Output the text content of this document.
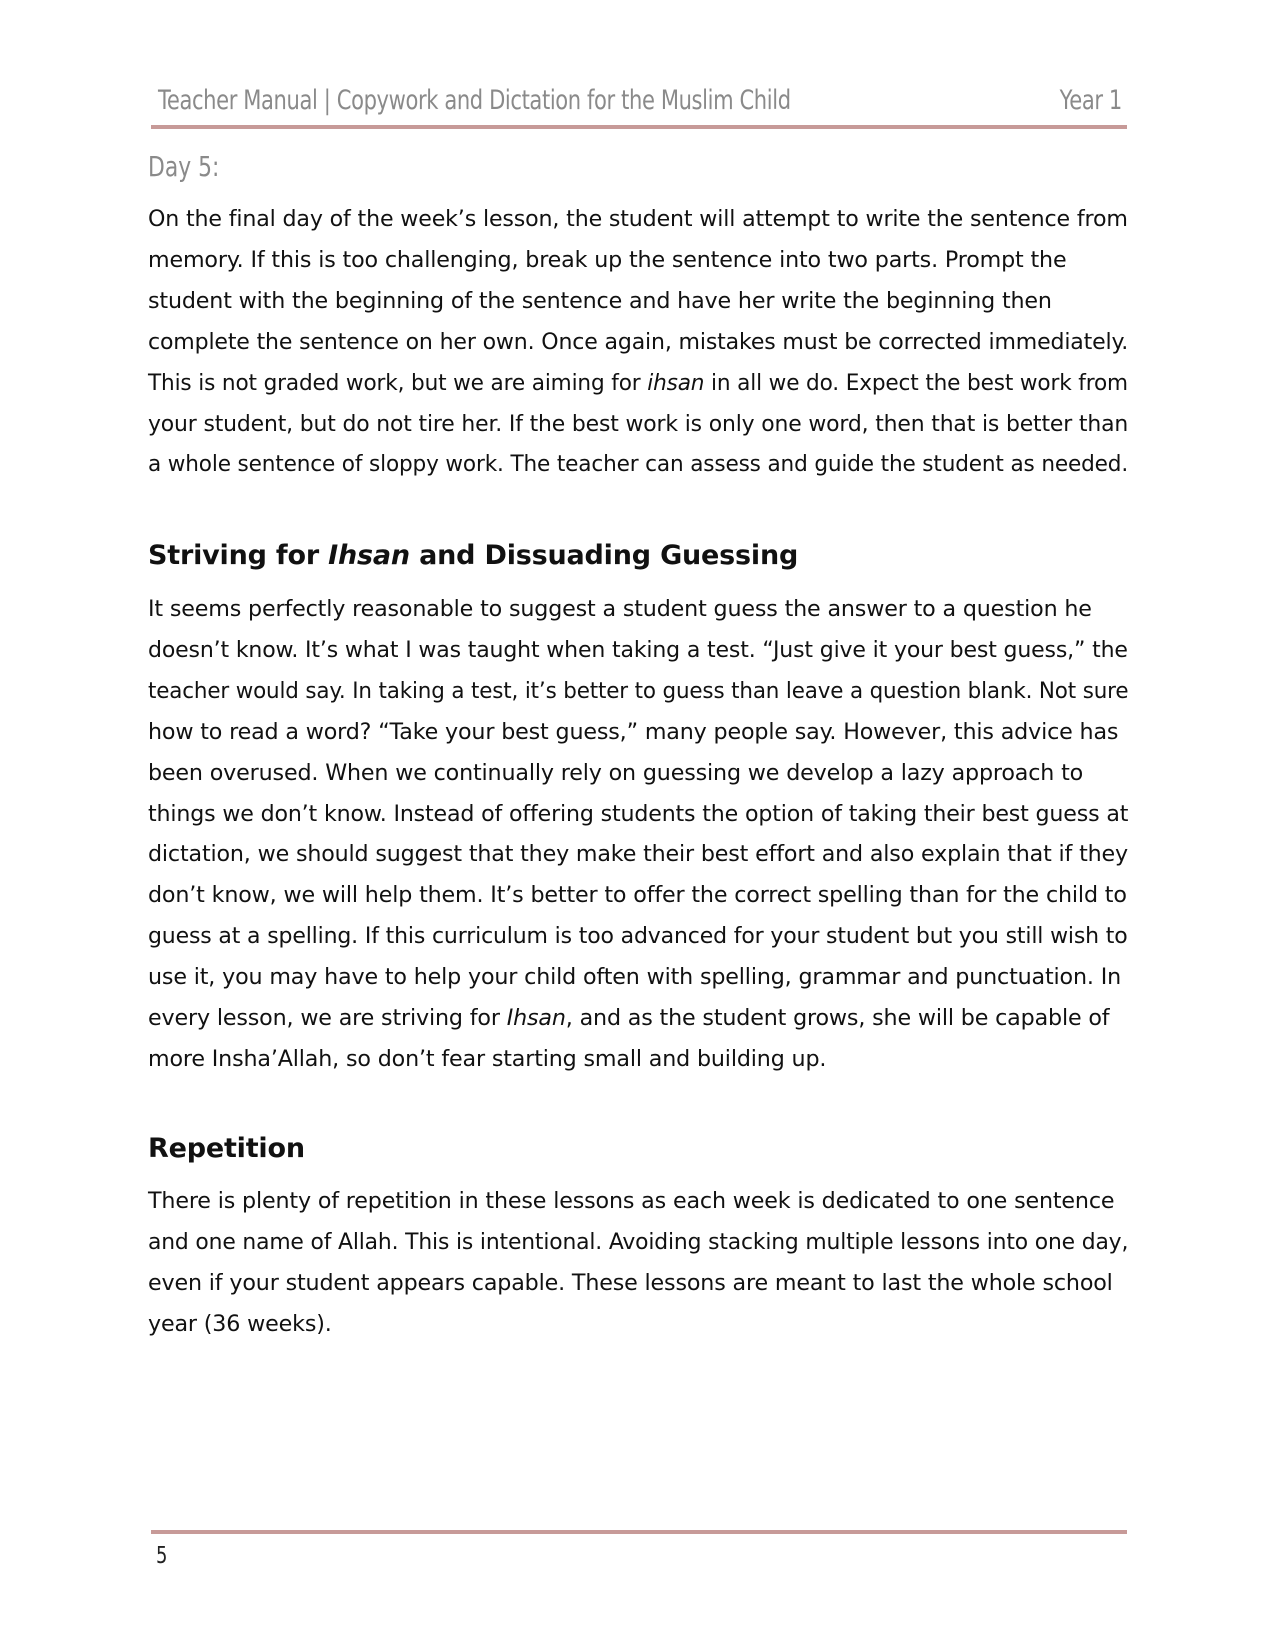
Teacher Manual | Copywork and Dictation for the Muslim Child	Year 1
Day 5:

On the final day of the week’s lesson, the student will attempt to write the sentence from

memory. If this is too challenging, break up the sentence into two parts. Prompt the

student with the beginning of the sentence and have her write the beginning then

complete the sentence on her own. Once again, mistakes must be corrected immediately.

This is not graded work, but we are aiming for ihsan in all we do. Expect the best work from

your student, but do not tire her. If the best work is only one word, then that is better than

a whole sentence of sloppy work. The teacher can assess and guide the student as needed.

Striving for Ihsan and Dissuading Guessing

It seems perfectly reasonable to suggest a student guess the answer to a question he

doesn’t know. It’s what I was taught when taking a test. “Just give it your best guess,” the

teacher would say. In taking a test, it’s better to guess than leave a question blank. Not sure

how to read a word? “Take your best guess,” many people say. However, this advice has

been overused. When we continually rely on guessing we develop a lazy approach to

things we don’t know. Instead of offering students the option of taking their best guess at

dictation, we should suggest that they make their best effort and also explain that if they

don’t know, we will help them. It’s better to offer the correct spelling than for the child to

guess at a spelling. If this curriculum is too advanced for your student but you still wish to

use it, you may have to help your child often with spelling, grammar and punctuation. In

every lesson, we are striving for Ihsan, and as the student grows, she will be capable of

more Insha’Allah, so don’t fear starting small and building up.

Repetition

There is plenty of repetition in these lessons as each week is dedicated to one sentence

and one name of Allah. This is intentional. Avoiding stacking multiple lessons into one day,

even if your student appears capable. These lessons are meant to last the whole school

year (36 weeks).

5
